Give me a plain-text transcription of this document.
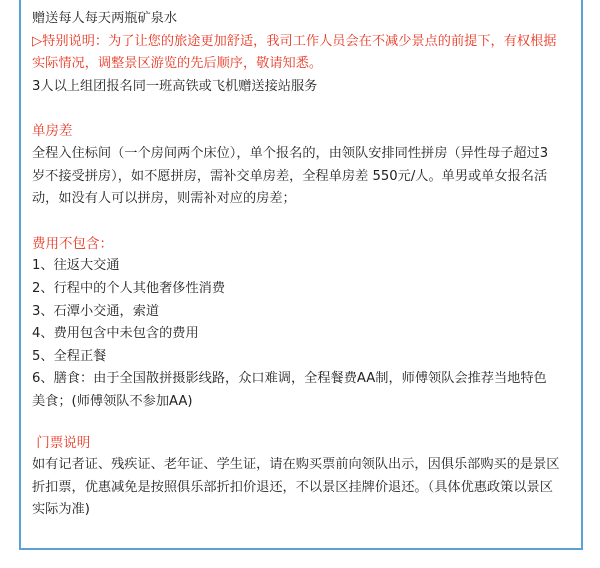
赠送每人每天两瓶矿泉水

▷特别说明：为了让您的旅途更加舒适，我司工作人员会在不减少景点的前提下，有权根据

实际情况，调整景区游览的先后顺序，敬请知悉。

3人以上组团报名同一班高铁或飞机赠送接站服务

单房差

全程入住标间（一个房间两个床位），单个报名的，由领队安排同性拼房（异性母子超过3

岁不接受拼房），如不愿拼房，需补交单房差，全程单房差 550元/人。单男或单女报名活

动，如没有人可以拼房，则需补对应的房差；

费用不包含：

1、往返大交通

2、行程中的个人其他奢侈性消费

3、石潭小交通，索道

4、费用包含中未包含的费用

5、全程正餐

6、膳食：由于全国散拼摄影线路，众口难调，全程餐费AA制，师傅领队会推荐当地特色

美食；(师傅领队不参加AA)

门票说明

如有记者证、残疾证、老年证、学生证，请在购买票前向领队出示，因俱乐部购买的是景区

折扣票，优惠减免是按照俱乐部折扣价退还，不以景区挂牌价退还。（具体优惠政策以景区

实际为准)
